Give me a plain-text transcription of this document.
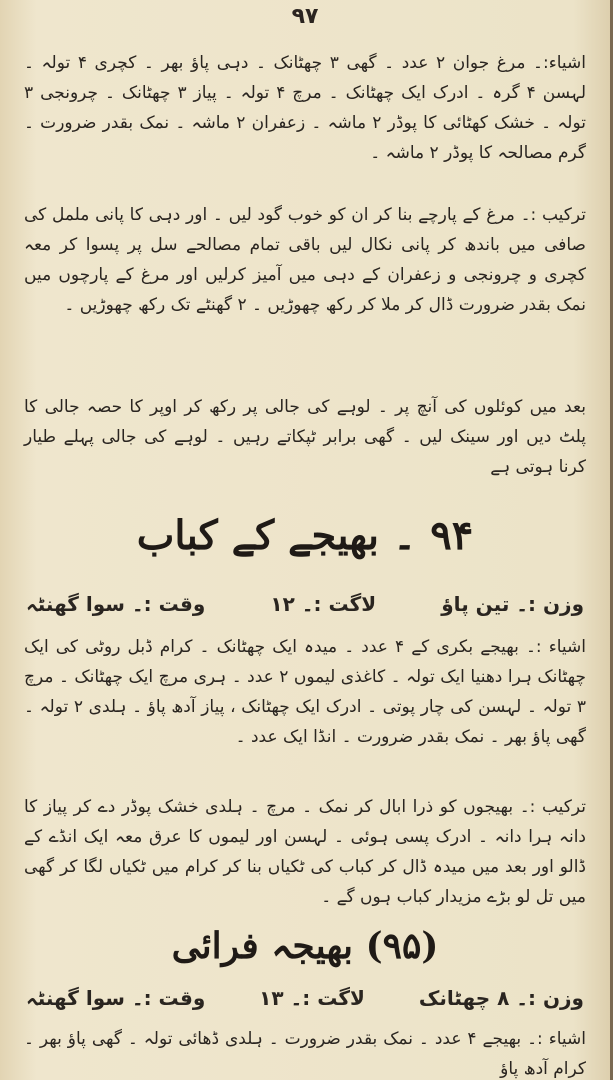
۹۷
اشیاء:۔ مرغ جوان ۲ عدد ۔ گھی ۳ چھٹانک ۔ دہی پاؤ بھر ۔ کچری ۴ تولہ ۔ لہسن ۴ گرہ ۔ ادرک ایک چھٹانک ۔ مرچ ۴ تولہ ۔ پیاز ۳ چھٹانک ۔ چرونجی ۳ تولہ ۔ خشک کھٹائی کا پوڈر ۲ ماشہ ۔ زعفران ۲ ماشہ ۔ نمک بقدر ضرورت ۔ گرم مصالحہ کا پوڈر ۲ ماشہ ۔
ترکیب :۔ مرغ کے پارچے بنا کر ان کو خوب گود لیں ۔ اور دہی کا پانی ململ کی صافی میں باندھ کر پانی نکال لیں باقی تمام مصالحے سل پر پسوا کر معہ کچری و چرونجی و زعفران کے دہی میں آمیز کرلیں اور مرغ کے پارچوں میں نمک بقدر ضرورت ڈال کر ملا کر رکھ چھوڑیں ۔ ۲ گھنٹے تک رکھ چھوڑیں ۔
بعد میں کوئلوں کی آنچ پر ۔ لوہے کی جالی پر رکھ کر اوپر کا حصہ جالی کا پلٹ دیں اور سینک لیں ۔ گھی برابر ٹپکاتے رہیں ۔ لوہے کی جالی پہلے طیار کرنا ہوتی ہے
۹۴ ۔ بھیجے کے کباب
وزن :۔ تین پاؤ
لاگت :۔ ۱۲
وقت :۔ سوا گھنٹہ
اشیاء :۔ بھیجے بکری کے ۴ عدد ۔ میدہ ایک چھٹانک ۔ کرام ڈبل روٹی کی ایک چھٹانک ہرا دھنیا ایک تولہ ۔ کاغذی لیموں ۲ عدد ۔ ہری مرچ ایک چھٹانک ۔ مرچ ۳ تولہ ۔ لہسن کی چار پوتی ۔ ادرک ایک چھٹانک ، پیاز آدھ پاؤ ۔ ہلدی ۲ تولہ ۔ گھی پاؤ بھر ۔ نمک بقدر ضرورت ۔ انڈا ایک عدد ۔
ترکیب :۔ بھیجوں کو ذرا ابال کر نمک ۔ مرچ ۔ ہلدی خشک پوڈر دے کر پیاز کا دانہ ہرا دانہ ۔ ادرک پسی ہوئی ۔ لہسن اور لیموں کا عرق معہ ایک انڈے کے ڈالو اور بعد میں میدہ ڈال کر کباب کی ٹکیاں بنا کر کرام میں ٹکیاں لگا کر گھی میں تل لو بڑے مزیدار کباب ہوں گے ۔
(۹۵) بھیجہ فرائی
وزن :۔ ۸ چھٹانک
لاگت :۔ ۱۳
وقت :۔ سوا گھنٹہ
اشیاء :۔ بھیجے ۴ عدد ۔ نمک بقدر ضرورت ۔ ہلدی ڈھائی تولہ ۔ گھی پاؤ بھر ۔ کرام آدھ پاؤ
